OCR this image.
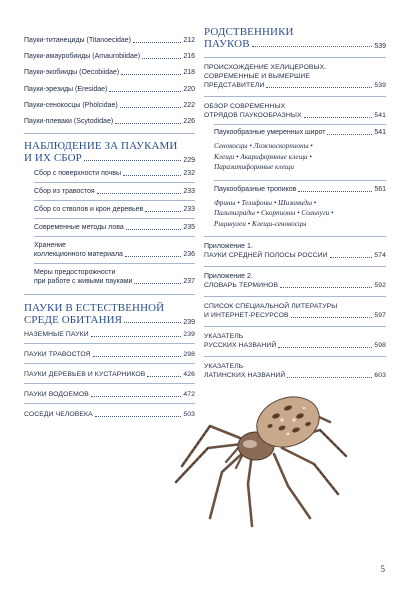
Пауки-титанециды (Titanoecidae)	212
Пауки-амауробииды (Amaurobiidae)	216
Пауки-экобииды (Oecobiidae)	218
Пауки-эрезиды (Eresidae)	220
Пауки-сенокосцы (Pholcidae)	222
Пауки-плеваки (Scytodidae)	226
НАБЛЮДЕНИЕ ЗА ПАУКАМИ
И ИХ СБОР	229
Сбор с поверхности почвы	232
Сбор из травостоя	233
Сбор со стволов и крон деревьев	233
Современные методы лова	235
Хранение
коллекционного материала	236
Меры предосторожности
при работе с живыми пауками	237
ПАУКИ В ЕСТЕСТВЕННОЙ
СРЕДЕ ОБИТАНИЯ	239
НАЗЕМНЫЕ ПАУКИ	239
ПАУКИ ТРАВОСТОЯ	298
ПАУКИ ДЕРЕВЬЕВ И КУСТАРНИКОВ	426
ПАУКИ ВОДОЕМОВ	472
СОСЕДИ ЧЕЛОВЕКА	503
РОДСТВЕННИКИ
ПАУКОВ	539
ПРОИСХОЖДЕНИЕ ХЕЛИЦЕРОВЫХ.
СОВРЕМЕННЫЕ И ВЫМЕРШИЕ
ПРЕДСТАВИТЕЛИ	539
ОБЗОР СОВРЕМЕННЫХ
ОТРЯДОВ ПАУКООБРАЗНЫХ	541
Паукообразные умеренных широт	541
Сенокосцы • Ложноскорпионы •
Клещи • Акариформные клещи •
Паразитиформные клещи
Паукообразные тропиков	561
Фрины • Телифоны • Шизомиды •
Пальпиграды • Скорпионы • Сольпуги •
Рицинулеи • Клещи-сенокосцы
Приложение 1.
ПАУКИ СРЕДНЕЙ ПОЛОСЫ РОССИИ	574
Приложение 2.
СЛОВАРЬ ТЕРМИНОВ	592
СПИСОК СПЕЦИАЛЬНОЙ ЛИТЕРАТУРЫ
И ИНТЕРНЕТ-РЕСУРСОВ	597
УКАЗАТЕЛЬ
РУССКИХ НАЗВАНИЙ	598
УКАЗАТЕЛЬ
ЛАТИНСКИХ НАЗВАНИЙ	603
5
